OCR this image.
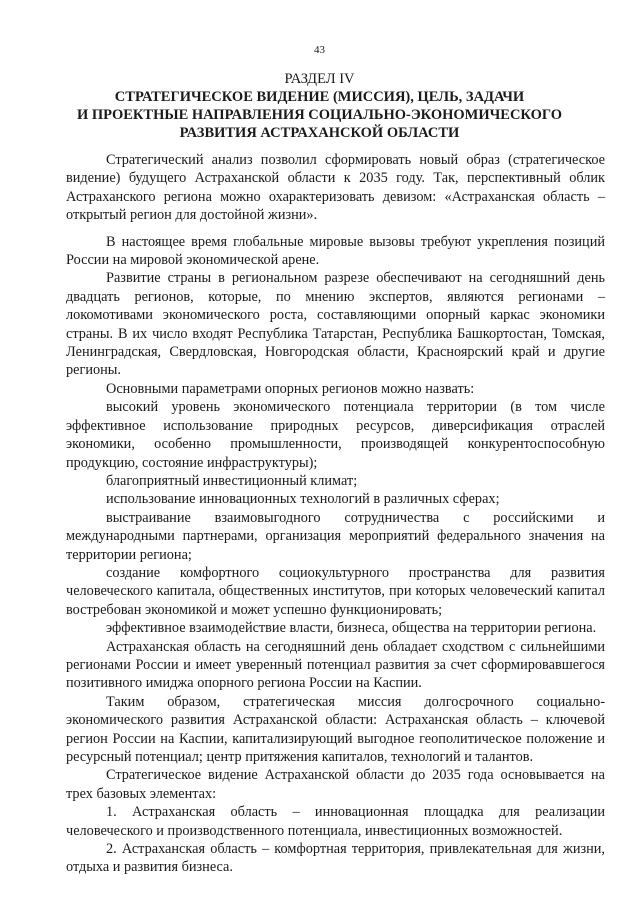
43
РАЗДЕЛ IV
СТРАТЕГИЧЕСКОЕ ВИДЕНИЕ (МИССИЯ), ЦЕЛЬ, ЗАДАЧИ
И ПРОЕКТНЫЕ НАПРАВЛЕНИЯ СОЦИАЛЬНО-ЭКОНОМИЧЕСКОГО
РАЗВИТИЯ АСТРАХАНСКОЙ ОБЛАСТИ

Стратегический анализ позволил сформировать новый образ (стратегическое видение) будущего Астраханской области к 2035 году. Так, перспективный облик Астраханского региона можно охарактеризовать девизом: «Астраханская область – открытый регион для достойной жизни».

В настоящее время глобальные мировые вызовы требуют укрепления позиций России на мировой экономической арене.

Развитие страны в региональном разрезе обеспечивают на сегодняшний день двадцать регионов, которые, по мнению экспертов, являются регионами – локомотивами экономического роста, составляющими опорный каркас экономики страны. В их число входят Республика Татарстан, Республика Башкортостан, Томская, Ленинградская, Свердловская, Новгородская области, Красноярский край и другие регионы.

Основными параметрами опорных регионов можно назвать:

высокий уровень экономического потенциала территории (в том числе эффективное использование природных ресурсов, диверсификация отраслей экономики, особенно промышленности, производящей конкурентоспособную продукцию, состояние инфраструктуры);

благоприятный инвестиционный климат;

использование инновационных технологий в различных сферах;

выстраивание взаимовыгодного сотрудничества с российскими и международными партнерами, организация мероприятий федерального значения на территории региона;

создание комфортного социокультурного пространства для развития человеческого капитала, общественных институтов, при которых человеческий капитал востребован экономикой и может успешно функционировать;

эффективное взаимодействие власти, бизнеса, общества на территории региона.

Астраханская область на сегодняшний день обладает сходством с сильнейшими регионами России и имеет уверенный потенциал развития за счет сформировавшегося позитивного имиджа опорного региона России на Каспии.

Таким образом, стратегическая миссия долгосрочного социально-экономического развития Астраханской области: Астраханская область – ключевой регион России на Каспии, капитализирующий выгодное геополитическое положение и ресурсный потенциал; центр притяжения капиталов, технологий и талантов.

Стратегическое видение Астраханской области до 2035 года основывается на трех базовых элементах:

1. Астраханская область – инновационная площадка для реализации человеческого и производственного потенциала, инвестиционных возможностей.

2. Астраханская область – комфортная территория, привлекательная для жизни, отдыха и развития бизнеса.
